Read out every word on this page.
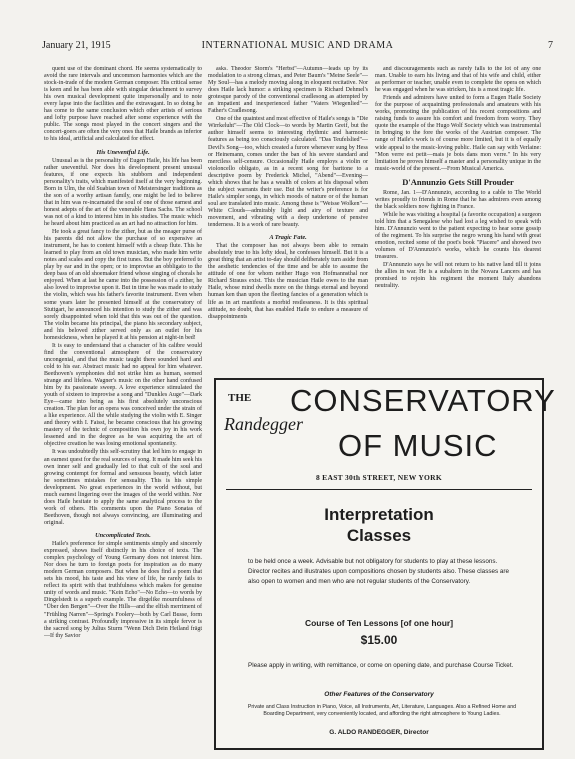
January 21, 1915	INTERNATIONAL MUSIC AND DRAMA	7

quent use of the dominant chord. He seems systematically to avoid the rare intervals and uncommon harmonies which are the stock-in-trade of the modern German composer. His critical sense is keen and he has been able with singular detachment to survey his own musical development quite impersonally and to note every lapse into the facilities and the extravagant. In so doing he has come to the same conclusion which other artists of serious and lofty purpose have reached after some experience with the public. The songs most played in the concert singers and the concert-goers are often the very ones that Haile brands as inferior to his ideal, artificial and calculated for effect.

His Uneventful Life.

Unusual as is the personality of Eugen Haile, his life has been rather uneventful. Nor does his development present unusual features, if one expects his stubborn and independent personality's traits, which manifested itself at the very beginning. Born in Ulm, the old Suabian town of Meistersinger traditions as the son of a worthy artisan family, one might be led to believe that in him was re-incarnated the soul of one of those earnest and honest adepts of the art of the venerable Hans Sachs. The school was not of a kind to interest him in his studies. The music which he heard about him practiced as an art had no attraction for him.

He took a great fancy to the zither, but as the meager purse of his parents did not allow the purchase of so expensive an instrument, he has to content himself with a cheap flute. This he learned to play from an old town musician, who made him write notes and scales and copy the first tunes. But the boy preferred to play by ear and in the open; or to improvise an obbligato to the deep bass of an old shoemaker friend whose singing of chorals he enjoyed. When at last he came into the possession of a zither, he also loved to improvise upon it. But in time he was made to study the violin, which was his father's favorite instrument. Even when some years later he presented himself at the conservatory of Stuttgart, he announced his intention to study the zither and was sorely disappointed when told that this was out of the question. The violin became his principal, the piano his secondary subject, and his beloved zither served only as an outlet for his homesickness, when he played it at his pension at night-in bed!

It is easy to understand that a character of his calibre would find the conventional atmosphere of the conservatory uncongenial, and that the music taught there sounded hard and cold to his ear. Abstract music had no appeal for him whatever. Beethoven's symphonies did not strike him as human, seemed strange and lifeless. Wagner's music on the other hand confused him by its passionate sweep. A love experience stimulated the youth of sixteen to improvise a song and "Dunkles Auge"—Dark Eye—came into being as his first absolutely unconscious creation. The plan for an opera was conceived under the strain of a like experience. All the while studying the violin with E. Singer and theory with I. Faisst, he became conscious that his growing mastery of the technic of composition his own joy in his work lessened and in the degree as he was acquiring the art of objective creation he was losing emotional spontaneity.

It was undoubtedly this self-scrutiny that led him to engage in an earnest quest for the real sources of song. It made him seek his own inner self and gradually led to that cult of the soul and growing contempt for formal and sensuous beauty, which latter he sometimes mistakes for sensuality. This is his simple development. No great experiences in the world without, but much earnest lingering over the images of the world within. Nor does Haile hesitate to apply the same analytical process to the work of others. His comments upon the Piano Sonatas of Beethoven, though not always convincing, are illuminating and original.

Uncomplicated Texts.

Haile's preference for simple sentiments simply and sincerely expressed, shows itself distinctly in his choice of texts. The complex psychology of Young Germany does not interest him. Nor does he turn to foreign poets for inspiration as do many modern German composers. But when he does find a poem that sets his mood, his taste and his view of life, he rarely fails to reflect its spirit with that truthfulness which makes for genuine unity of words and music. "Kein Echo"—No Echo—to words by Dingelstedt is a superb example. The dirgelike mournfulness of "Über den Bergen"—Over the Hills—and the elfish merriment of "Frühling Narren"—Spring's Foolery—both by Carl Busse, form a striking contrast. Profoundly impressive in its simple fervor is the sacred song by Julius Sturm "Wenn Dich Dein Heiland frägt—If thy Savior

asks. Theodor Storm's "Herbst"—Autumn—leads up by its modulation to a strong climax, and Peter Baum's "Meine Seele"—My Soul—has a melody moving along in eloquent recitative. Nor does Haile lack humor: a striking specimen is Richard Dehmel's grotesque parody of the conventional cradlesong as attempted by an impatient and inexperienced father "Vaters Wiegenlied"—Father's Cradlesong.

One of the quaintest and most effective of Haile's songs is "Die Wirrkeluht"—The Old Clock—to words by Martin Greif, but the author himself seems to interesting rhythmic and harmonic features as being too consciously calculated. "Das Teufelslied"—Devil's Song—too, which created a furore whenever sung by Hess or Heinemann, comes under the ban of his severe standard and merciless self-censure. Occasionally Haile employs a violin or violoncello obligato, as in a recent song for baritone to a descriptive poem by Frederick Michel, "Abend"—Evening—which shows that he has a wealth of colors at his disposal when the subject warrants their use. But the writer's preference is for Haile's simpler songs, in which moods of nature or of the human soul are translated into music. Among these is "Weisse Wolken"—White Clouds—admirably light and airy of texture and movement, and vibrating with a deep undertone of pensive tenderness. It is a work of rare beauty.

A Tragic Fate.

That the composer has not always been able to remain absolutely true to his lofty ideal, he confesses himself. But it is a great thing that an artist to-day should deliberately turn aside from the aesthetic tendencies of the time and be able to assume the attitude of one for whom neither Hugo von Hofmannsthal nor Richard Strauss exist. This the musician Haile owes to the man Haile, whose mind dwells more on the things eternal and beyond human ken than upon the fleeting fancies of a generation which is life as in art manifests a morbid restlessness. It is this spiritual attitude, no doubt, that has enabled Haile to endure a measure of disappointments

and discouragements such as rarely falls to the lot of any one man. Unable to earn his living and that of his wife and child, either as performer or teacher, unable even to complete the opera on which he was engaged when he was stricken, his is a most tragic life.

Friends and admirers have united to form a Eugen Haile Society for the purpose of acquainting professionals and amateurs with his works, promoting the publication of his recent compositions and raising funds to assure his comfort and freedom from worry. They quote the example of the Hugo Wolf Society which was instrumental in bringing to the fore the works of the Austrian composer. The range of Haile's work is of course more limited, but it is of equally wide appeal to the music-loving public. Haile can say with Verlaine: "Mon verre est petit—mais je bois dans mon verre." In his very limitation he proves himself a master and a personality unique in the music-world of the present.—From Musical America.

D'Annunzio Gets Still Prouder

Rome, Jan. 1—D'Annunzio, according to a cable to The World writes proudly to friends in Rome that he has admirers even among the black soldiers now fighting in France.

While he was visiting a hospital (a favorite occupation) a surgeon told him that a Senegalese who had lost a leg wished to speak with him. D'Annunzio went to the patient expecting to hear some gossip of the regiment. To his surprise the negro wrung his hand with great emotion, recited some of the poet's book "Piacere" and showed two volumes of D'Annunzio's works, which he counts his dearest treasures.

D'Annunzio says he will not return to his native land till it joins the allies in war. He is a subaltern in the Novara Lancers and has promised to rejoin his regiment the moment Italy abandons neutrality.

THE CONSERVATORY
Randegger
OF MUSIC
8 EAST 30th STREET, NEW YORK
Interpretation
Classes
to be held once a week. Advisable but not obligatory for students to play at these lessons. Director recites and illustrates upon compositions chosen by students also. These classes are also open to women and men who are not regular students of the Conservatory.
Course of Ten Lessons [of one hour]
$15.00
Please apply in writing, with remittance, or come on opening date, and purchase Course Ticket.
Other Features of the Conservatory
Private and Class Instruction in Piano, Voice, all Instruments, Art, Literature, Languages. Also a Refined Home and Boarding Department, very conveniently located, and affording the right atmosphere to Young Ladies.
G. ALDO RANDEGGER, Director
